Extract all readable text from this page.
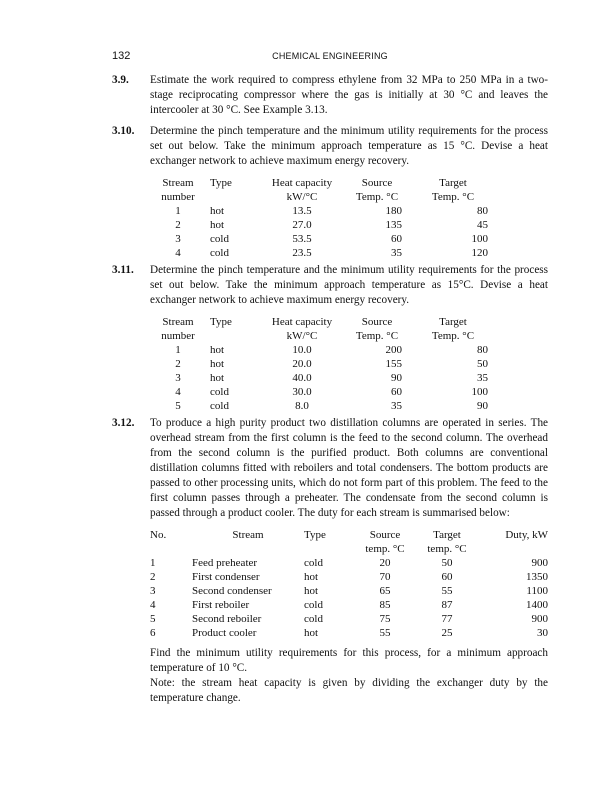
132	CHEMICAL ENGINEERING
3.9. Estimate the work required to compress ethylene from 32 MPa to 250 MPa in a two-stage reciprocating compressor where the gas is initially at 30 °C and leaves the intercooler at 30 °C. See Example 3.13.

3.10. Determine the pinch temperature and the minimum utility requirements for the process set out below. Take the minimum approach temperature as 15 °C. Devise a heat exchanger network to achieve maximum energy recovery.

Stream	Type	Heat capacity	Source	Target
number		kW/°C	Temp. °C	Temp. °C
1	hot	13.5	180	80
2	hot	27.0	135	45
3	cold	53.5	60	100
4	cold	23.5	35	120
3.11. Determine the pinch temperature and the minimum utility requirements for the process set out below. Take the minimum approach temperature as 15°C. Devise a heat exchanger network to achieve maximum energy recovery.

Stream	Type	Heat capacity	Source	Target
number		kW/°C	Temp. °C	Temp. °C
1	hot	10.0	200	80
2	hot	20.0	155	50
3	hot	40.0	90	35
4	cold	30.0	60	100
5	cold	8.0	35	90
3.12. To produce a high purity product two distillation columns are operated in series. The overhead stream from the first column is the feed to the second column. The overhead from the second column is the purified product. Both columns are conventional distillation columns fitted with reboilers and total condensers. The bottom products are passed to other processing units, which do not form part of this problem. The feed to the first column passes through a preheater. The condensate from the second column is passed through a product cooler. The duty for each stream is summarised below:

No.	Stream	Type	Source	Target	Duty, kW
			temp. °C	temp. °C	
1	Feed preheater	cold	20	50	900
2	First condenser	hot	70	60	1350
3	Second condenser	hot	65	55	1100
4	First reboiler	cold	85	87	1400
5	Second reboiler	cold	75	77	900
6	Product cooler	hot	55	25	30

Find the minimum utility requirements for this process, for a minimum approach temperature of 10 °C.

Note: the stream heat capacity is given by dividing the exchanger duty by the temperature change.
